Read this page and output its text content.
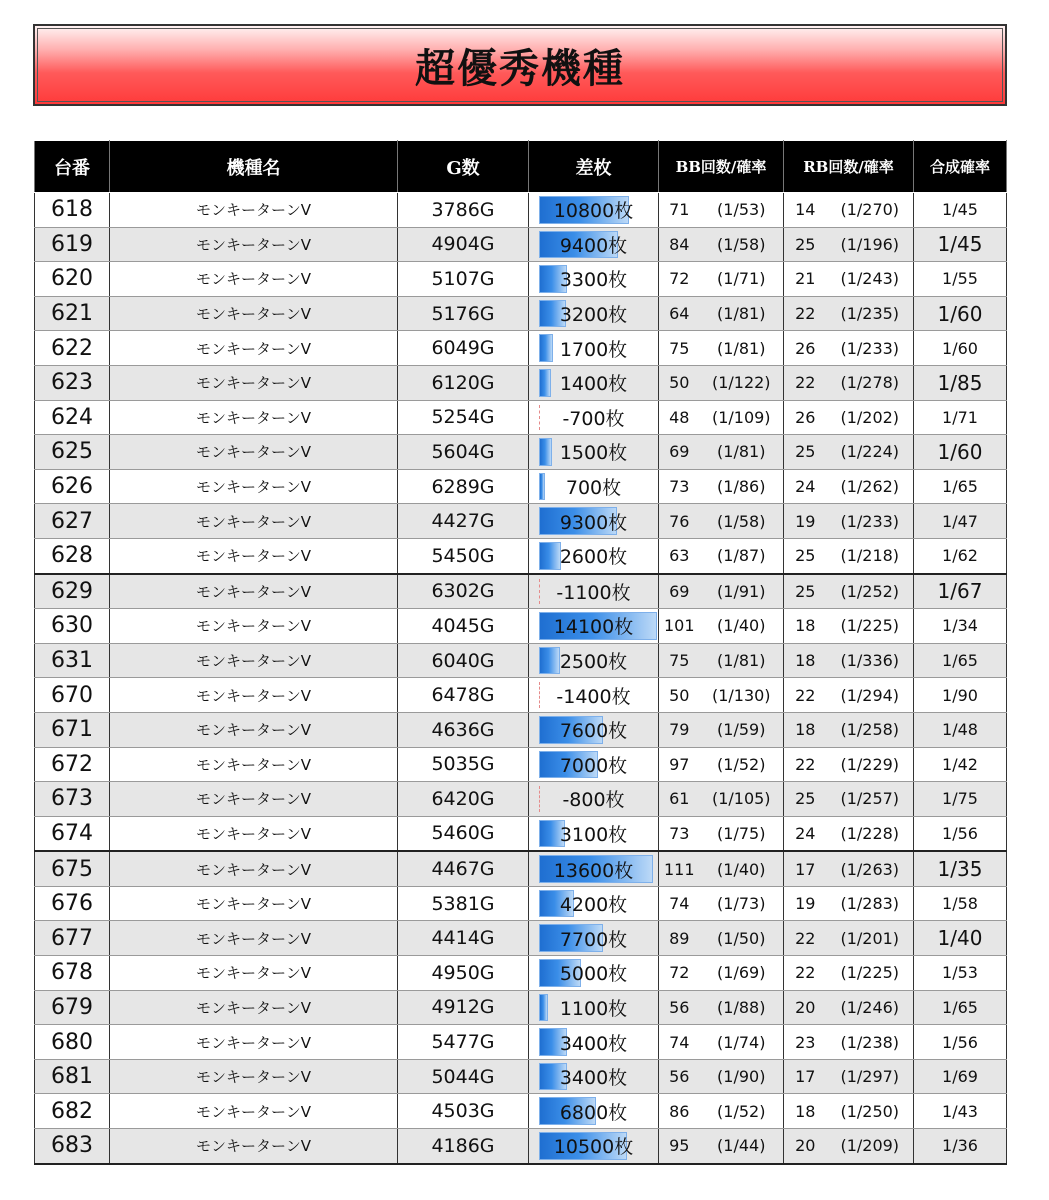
超優秀機種
台番	機種名	G数	差枚	BB回数/確率		RB回数/確率		合成確率
618	モンキーターンV	3786G	10800枚	71	(1/53)	14	(1/270)	1/45
619	モンキーターンV	4904G	9400枚	84	(1/58)	25	(1/196)	1/45
620	モンキーターンV	5107G	3300枚	72	(1/71)	21	(1/243)	1/55
621	モンキーターンV	5176G	3200枚	64	(1/81)	22	(1/235)	1/60
622	モンキーターンV	6049G	1700枚	75	(1/81)	26	(1/233)	1/60
623	モンキーターンV	6120G	1400枚	50	(1/122)	22	(1/278)	1/85
624	モンキーターンV	5254G	-700枚	48	(1/109)	26	(1/202)	1/71
625	モンキーターンV	5604G	1500枚	69	(1/81)	25	(1/224)	1/60
626	モンキーターンV	6289G	700枚	73	(1/86)	24	(1/262)	1/65
627	モンキーターンV	4427G	9300枚	76	(1/58)	19	(1/233)	1/47
628	モンキーターンV	5450G	2600枚	63	(1/87)	25	(1/218)	1/62
629	モンキーターンV	6302G	-1100枚	69	(1/91)	25	(1/252)	1/67
630	モンキーターンV	4045G	14100枚	101	(1/40)	18	(1/225)	1/34
631	モンキーターンV	6040G	2500枚	75	(1/81)	18	(1/336)	1/65
670	モンキーターンV	6478G	-1400枚	50	(1/130)	22	(1/294)	1/90
671	モンキーターンV	4636G	7600枚	79	(1/59)	18	(1/258)	1/48
672	モンキーターンV	5035G	7000枚	97	(1/52)	22	(1/229)	1/42
673	モンキーターンV	6420G	-800枚	61	(1/105)	25	(1/257)	1/75
674	モンキーターンV	5460G	3100枚	73	(1/75)	24	(1/228)	1/56
675	モンキーターンV	4467G	13600枚	111	(1/40)	17	(1/263)	1/35
676	モンキーターンV	5381G	4200枚	74	(1/73)	19	(1/283)	1/58
677	モンキーターンV	4414G	7700枚	89	(1/50)	22	(1/201)	1/40
678	モンキーターンV	4950G	5000枚	72	(1/69)	22	(1/225)	1/53
679	モンキーターンV	4912G	1100枚	56	(1/88)	20	(1/246)	1/65
680	モンキーターンV	5477G	3400枚	74	(1/74)	23	(1/238)	1/56
681	モンキーターンV	5044G	3400枚	56	(1/90)	17	(1/297)	1/69
682	モンキーターンV	4503G	6800枚	86	(1/52)	18	(1/250)	1/43
683	モンキーターンV	4186G	10500枚	95	(1/44)	20	(1/209)	1/36
